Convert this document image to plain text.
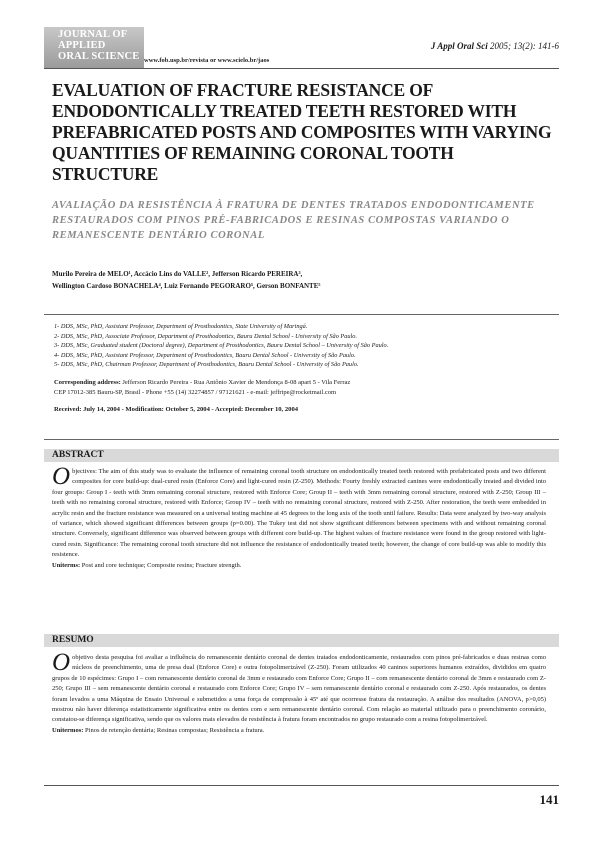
JOURNAL OF
APPLIED
ORAL SCIENCE www.fob.usp.br/revista or www.scielo.br/jaos
J Appl Oral Sci 2005; 13(2): 141-6
EVALUATION OF FRACTURE RESISTANCE OF ENDODONTICALLY TREATED TEETH RESTORED WITH PREFABRICATED POSTS AND COMPOSITES WITH VARYING QUANTITIES OF REMAINING CORONAL TOOTH STRUCTURE
AVALIAÇÃO DA RESISTÊNCIA À FRATURA DE DENTES TRATADOS ENDODONTICAMENTE RESTAURADOS COM PINOS PRÉ-FABRICADOS E RESINAS COMPOSTAS VARIANDO O REMANESCENTE DENTÁRIO CORONAL
Murilo Pereira de MELO¹, Accácio Lins do VALLE², Jefferson Ricardo PEREIRA³,
Wellington Cardoso BONACHELA⁴, Luiz Fernando PEGORARO⁵, Gerson BONFANTE⁵
1- DDS, MSc, PhD, Assistant Professor, Department of Prosthodontics, State University of Maringá.
2- DDS, MSc, PhD, Associate Professor, Department of Prosthodontics, Bauru Dental School - University of São Paulo.
3- DDS, MSc, Graduated student (Doctoral degree), Department of Prosthodontics, Bauru Dental School – University of São Paulo.
4- DDS, MSc, PhD, Assistant Professor, Department of Prosthodontics, Bauru Dental School - University of São Paulo.
5- DDS, MSc, PhD, Chairman Professor, Department of Prosthodontics, Bauru Dental School - University of São Paulo.
Corresponding address: Jefferson Ricardo Pereira - Rua Antônio Xavier de Mendonça 8-08 apart 5 - Vila Ferraz
CEP 17012-385 Bauru-SP, Brasil - Phone +55 (14) 32274857 / 97121621 - e-mail: jeffripe@rocketmail.com
Received: July 14, 2004 - Modification: October 5, 2004 - Accepted: December 10, 2004
ABSTRACT
Objectives: The aim of this study was to evaluate the influence of remaining coronal tooth structure on endodontically treated teeth restored with prefabricated posts and two different composites for core build-up: dual-cured resin (Enforce Core) and light-cured resin (Z-250). Methods: Fourty freshly extracted canines were endodontically treated and divided into four groups: Group I - teeth with 3mm remaining coronal structure, restored with Enforce Core; Group II – teeth with 3mm remaining coronal structure, restored with Z-250; Group III – teeth with no remaining coronal structure, restored with Enforce; Group IV – teeth with no remaining coronal structure, restored with Z-250. After restoration, the teeth were embedded in acrylic resin and the fracture resistance was measured on a universal testing machine at 45 degrees to the long axis of the tooth until failure. Results: Data were analyzed by two-way analysis of variance, which showed significant differences between groups (p=0.00). The Tukey test did not show significant differences between specimens with and without remaining coronal structure. Conversely, significant difference was observed between groups with different core build-up. The highest values of fracture resistance were found in the group restored with light-cured resin. Significance: The remaining coronal tooth structure did not influence the resistance of endodontically treated teeth; however, the change of core build-up was able to modify this resistence.
Uniterms: Post and core technique; Composite resins; Fracture strength.
RESUMO
O objetivo desta pesquisa foi avaliar a influência do remanescente dentário coronal de dentes tratados endodonticamente, restaurados com pinos pré-fabricados e duas resinas como núcleos de preenchimento, uma de presa dual (Enforce Core) e outra fotopolimerizável (Z-250). Foram utilizados 40 caninos superiores humanos extraídos, divididos em quatro grupos de 10 espécimes: Grupo I – com remanescente dentário coronal de 3mm e restaurado com Enforce Core; Grupo II – com remanescente dentário coronal de 3mm e restaurado com Z-250; Grupo III – sem remanescente dentário coronal e restaurado com Enforce Core; Grupo IV – sem remanescente dentário coronal e restaurado com Z-250. Após restaurados, os dentes foram levados a uma Máquina de Ensaio Universal e submetidos a uma força de compressão à 45º até que ocorresse fratura da restauração. A análise dos resultados (ANOVA, p>0,05) mostrou não haver diferença estatisticamente significativa entre os dentes com e sem remanescente dentário coronal. Com relação ao material utilizado para o preenchimento coronário, constatou-se diferença significativa, sendo que os valores mais elevados de resistência à fratura foram encontrados no grupo restaurado com a resina fotopolimerizável.
Unitermos: Pinos de retenção dentária; Resinas compostas; Resistência a fratura.
141
